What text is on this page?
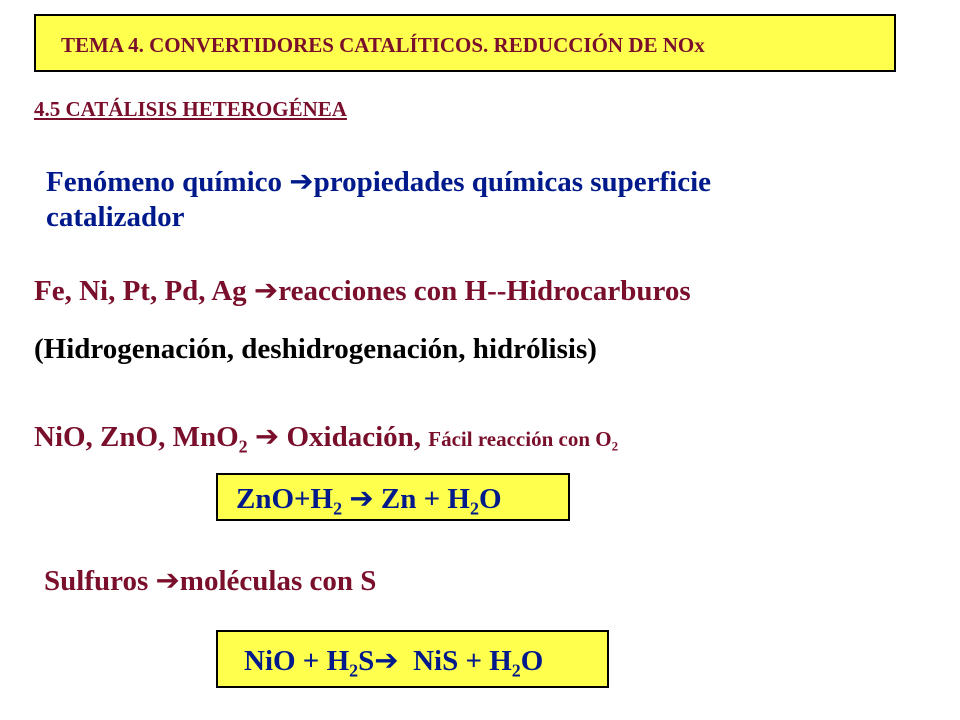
TEMA 4. CONVERTIDORES CATALÍTICOS. REDUCCIÓN DE NOx
4.5 CATÁLISIS HETEROGÉNEA
Fenómeno químico ➔propiedades químicas superficie
catalizador
Fe, Ni, Pt, Pd, Ag ➔reacciones con H--Hidrocarburos
(Hidrogenación, deshidrogenación, hidrólisis)
NiO, ZnO, MnO$_2$ ➔ Oxidación, Fácil reacción con $O_2$
$ZnO+H_2$ ➔ $Zn + H_2O$
Sulfuros ➔moléculas con S
NiO + $H_2S➔$  NiS + $H_2O$
